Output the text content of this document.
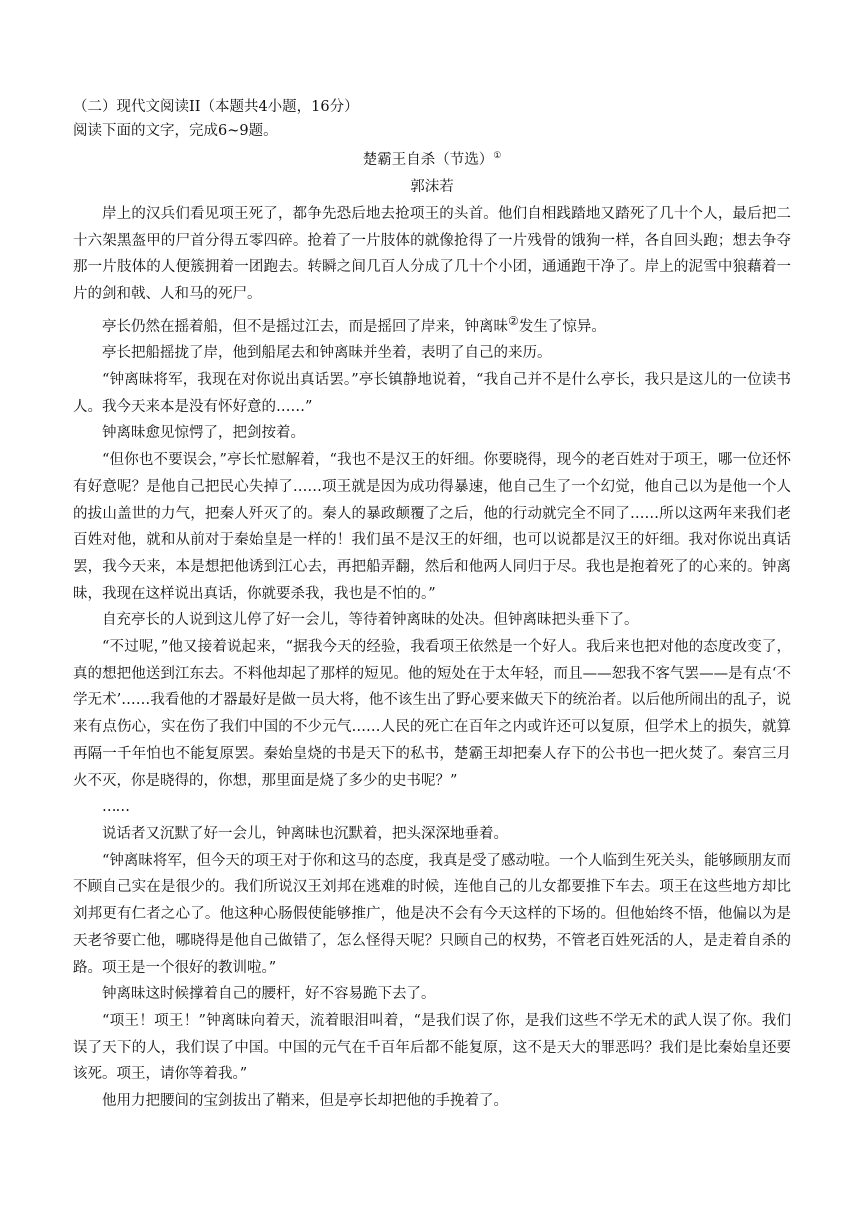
（二）现代文阅读II（本题共4小题，16分）
阅读下面的文字，完成6~9题。
楚霸王自杀（节选）①
郭沫若

岸上的汉兵们看见项王死了，都争先恐后地去抢项王的头首。他们自相践踏地又踏死了几十个人，最后把二十六架黑盔甲的尸首分得五零四碎。抢着了一片肢体的就像抢得了一片残骨的饿狗一样，各自回头跑；想去争夺那一片肢体的人便簇拥着一团跑去。转瞬之间几百人分成了几十个小团，通通跑干净了。岸上的泥雪中狼藉着一片的剑和戟、人和马的死尸。

亭长仍然在摇着船，但不是摇过江去，而是摇回了岸来，钟离昧②发生了惊异。

亭长把船摇拢了岸，他到船尾去和钟离昧并坐着，表明了自己的来历。

“钟离昧将军，我现在对你说出真话罢。”亭长镇静地说着，“我自己并不是什么亭长，我只是这儿的一位读书人。我今天来本是没有怀好意的……”

钟离昧愈见惊愕了，把剑按着。

“但你也不要误会，”亭长忙慰解着，“我也不是汉王的奸细。你要晓得，现今的老百姓对于项王，哪一位还怀有好意呢？是他自己把民心失掉了……项王就是因为成功得暴速，他自己生了一个幻觉，他自己以为是他一个人的拔山盖世的力气，把秦人歼灭了的。秦人的暴政颠覆了之后，他的行动就完全不同了……所以这两年来我们老百姓对他，就和从前对于秦始皇是一样的！我们虽不是汉王的奸细，也可以说都是汉王的奸细。我对你说出真话罢，我今天来，本是想把他诱到江心去，再把船弄翻，然后和他两人同归于尽。我也是抱着死了的心来的。钟离昧，我现在这样说出真话，你就要杀我，我也是不怕的。”

自充亭长的人说到这儿停了好一会儿，等待着钟离昧的处决。但钟离昧把头垂下了。

“不过呢，”他又接着说起来，“据我今天的经验，我看项王依然是一个好人。我后来也把对他的态度改变了，真的想把他送到江东去。不料他却起了那样的短见。他的短处在于太年轻，而且——恕我不客气罢——是有点‘不学无术’……我看他的才器最好是做一员大将，他不该生出了野心要来做天下的统治者。以后他所闹出的乱子，说来有点伤心，实在伤了我们中国的不少元气……人民的死亡在百年之内或许还可以复原，但学术上的损失，就算再隔一千年怕也不能复原罢。秦始皇烧的书是天下的私书，楚霸王却把秦人存下的公书也一把火焚了。秦宫三月火不灭，你是晓得的，你想，那里面是烧了多少的史书呢？”

……

说话者又沉默了好一会儿，钟离昧也沉默着，把头深深地垂着。

“钟离昧将军，但今天的项王对于你和这马的态度，我真是受了感动啦。一个人临到生死关头，能够顾朋友而不顾自己实在是很少的。我们所说汉王刘邦在逃难的时候，连他自己的儿女都要推下车去。项王在这些地方却比刘邦更有仁者之心了。他这种心肠假使能够推广，他是决不会有今天这样的下场的。但他始终不悟，他偏以为是天老爷要亡他，哪晓得是他自己做错了，怎么怪得天呢？只顾自己的权势，不管老百姓死活的人，是走着自杀的路。项王是一个很好的教训啦。”

钟离昧这时候撑着自己的腰杆，好不容易跪下去了。

“项王！项王！”钟离昧向着天，流着眼泪叫着，“是我们误了你，是我们这些不学无术的武人误了你。我们误了天下的人，我们误了中国。中国的元气在千百年后都不能复原，这不是天大的罪恶吗？我们是比秦始皇还要该死。项王，请你等着我。”

他用力把腰间的宝剑拔出了鞘来，但是亭长却把他的手挽着了。
